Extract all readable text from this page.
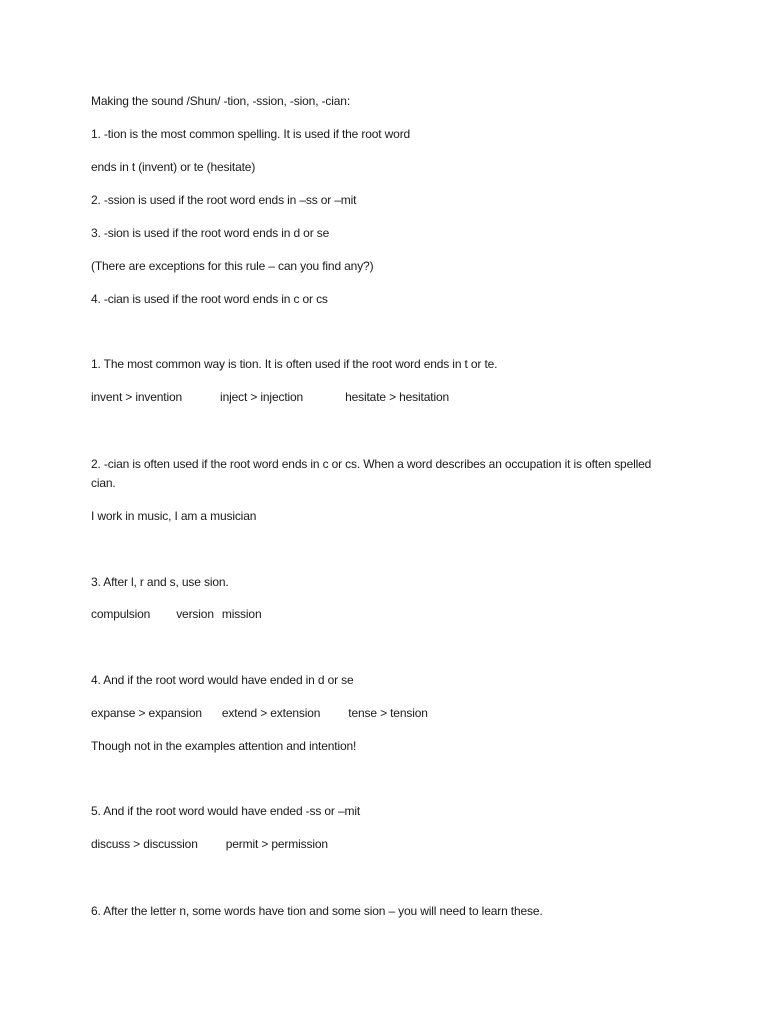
Making the sound /Shun/ -tion, -ssion, -sion, -cian:
1. -tion is the most common spelling. It is used if the root word
ends in t (invent) or te (hesitate)
2. -ssion is used if the root word ends in –ss or –mit
3. -sion is used if the root word ends in d or se
(There are exceptions for this rule – can you find any?)
4. -cian is used if the root word ends in c or cs
1. The most common way is tion. It is often used if the root word ends in t or te.
invent > invention	inject > injection	hesitate > hesitation
2. -cian is often used if the root word ends in c or cs. When a word describes an occupation it is often spelled cian.
I work in music, I am a musician
3. After l, r and s, use sion.
compulsion version mission
4. And if the root word would have ended in d or se
expanse > expansion extend > extension tense > tension
Though not in the examples attention and intention!
5. And if the root word would have ended -ss or –mit
discuss > discussion permit > permission
6. After the letter n, some words have tion and some sion – you will need to learn these.
